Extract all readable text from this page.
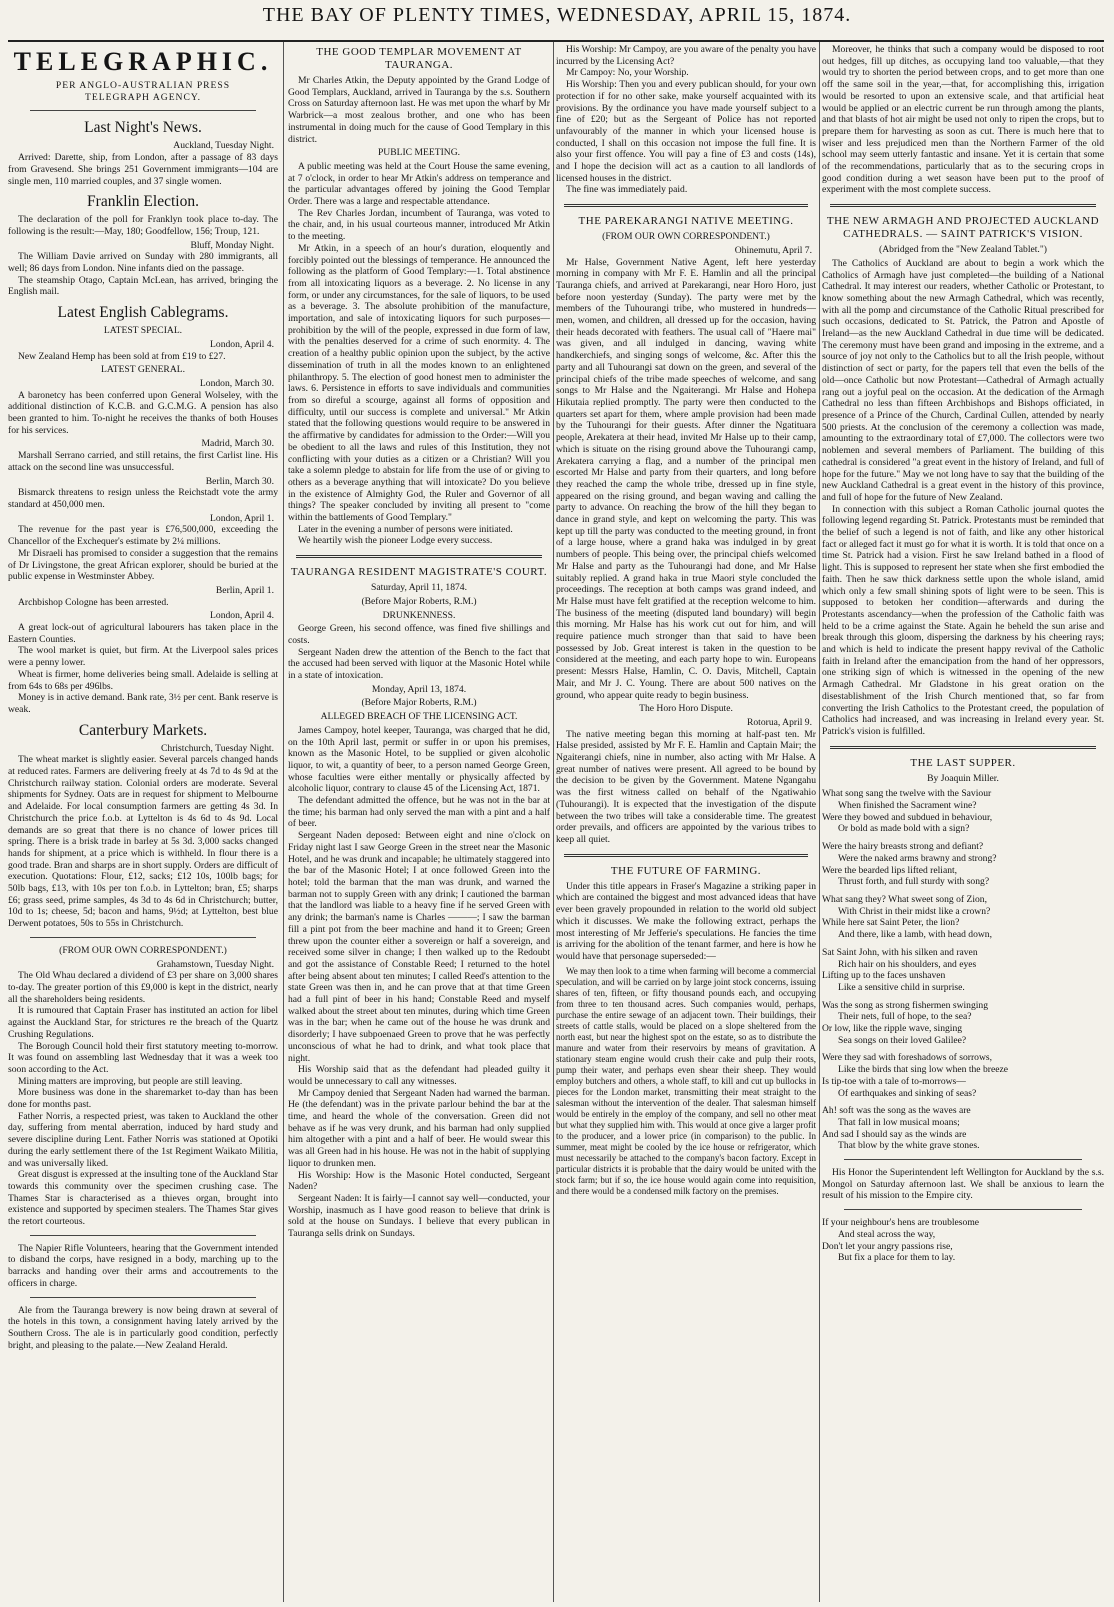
THE BAY OF PLENTY TIMES, WEDNESDAY, APRIL 15, 1874.
TELEGRAPHIC.
PER ANGLO-AUSTRALIAN PRESS TELEGRAPH AGENCY.
Last Night's News.
Auckland, Tuesday Night.

Arrived: Darette, ship, from London, after a passage of 83 days from Gravesend. She brings 251 Government immigrants—104 are single men, 110 married couples, and 37 single women.

Franklin Election.

The declaration of the poll for Franklyn took place to-day. The following is the result:—May, 180; Goodfellow, 156; Troup, 121.

Bluff, Monday Night.

The William Davie arrived on Sunday with 280 immigrants, all well; 86 days from London. Nine infants died on the passage.

The steamship Otago, Captain McLean, has arrived, bringing the English mail.

Latest English Cablegrams.
LATEST SPECIAL.
London, April 4.

New Zealand Hemp has been sold at from £19 to £27.

LATEST GENERAL.
London, March 30.

A baronetcy has been conferred upon General Wolseley, with the additional distinction of K.C.B. and G.C.M.G. A pension has also been granted to him. To-night he receives the thanks of both Houses for his services.

Madrid, March 30.

Marshall Serrano carried, and still retains, the first Carlist line. His attack on the second line was unsuccessful.

Berlin, March 30.

Bismarck threatens to resign unless the Reichstadt vote the army standard at 450,000 men.

London, April 1.

The revenue for the past year is £76,500,000, exceeding the Chancellor of the Exchequer's estimate by 2¼ millions.

Mr Disraeli has promised to consider a suggestion that the remains of Dr Livingstone, the great African explorer, should be buried at the public expense in Westminster Abbey.

Berlin, April 1.

Archbishop Cologne has been arrested.

London, April 4.

A great lock-out of agricultural labourers has taken place in the Eastern Counties.

The wool market is quiet, but firm. At the Liverpool sales prices were a penny lower.

Wheat is firmer, home deliveries being small. Adelaide is selling at from 64s to 68s per 496lbs.

Money is in active demand. Bank rate, 3½ per cent. Bank reserve is weak.

Canterbury Markets.
Christchurch, Tuesday Night.

The wheat market is slightly easier. Several parcels changed hands at reduced rates. Farmers are delivering freely at 4s 7d to 4s 9d at the Christchurch railway station. Colonial orders are moderate. Several shipments for Sydney. Oats are in request for shipment to Melbourne and Adelaide. For local consumption farmers are getting 4s 3d. In Christchurch the price f.o.b. at Lyttelton is 4s 6d to 4s 9d. Local demands are so great that there is no chance of lower prices till spring. There is a brisk trade in barley at 5s 3d. 3,000 sacks changed hands for shipment, at a price which is withheld. In flour there is a good trade. Bran and sharps are in short supply. Orders are difficult of execution. Quotations: Flour, £12, sacks; £12 10s, 100lb bags; for 50lb bags, £13, with 10s per ton f.o.b. in Lyttelton; bran, £5; sharps £6; grass seed, prime samples, 4s 3d to 4s 6d in Christchurch; butter, 10d to 1s; cheese, 5d; bacon and hams, 9½d; at Lyttelton, best blue Derwent potatoes, 50s to 55s in Christchurch.

(FROM OUR OWN CORRESPONDENT.)
Grahamstown, Tuesday Night.

The Old Whau declared a dividend of £3 per share on 3,000 shares to-day. The greater portion of this £9,000 is kept in the district, nearly all the shareholders being residents.

It is rumoured that Captain Fraser has instituted an action for libel against the Auckland Star, for strictures re the breach of the Quartz Crushing Regulations.

The Borough Council hold their first statutory meeting to-morrow. It was found on assembling last Wednesday that it was a week too soon according to the Act.

Mining matters are improving, but people are still leaving.

More business was done in the sharemarket to-day than has been done for months past.

Father Norris, a respected priest, was taken to Auckland the other day, suffering from mental aberration, induced by hard study and severe discipline during Lent. Father Norris was stationed at Opotiki during the early settlement there of the 1st Regiment Waikato Militia, and was universally liked.

Great disgust is expressed at the insulting tone of the Auckland Star towards this community over the specimen crushing case. The Thames Star is characterised as a thieves organ, brought into existence and supported by specimen stealers. The Thames Star gives the retort courteous.

The Napier Rifle Volunteers, hearing that the Government intended to disband the corps, have resigned in a body, marching up to the barracks and handing over their arms and accoutrements to the officers in charge.

Ale from the Tauranga brewery is now being drawn at several of the hotels in this town, a consignment having lately arrived by the Southern Cross. The ale is in particularly good condition, perfectly bright, and pleasing to the palate.—New Zealand Herald.

THE GOOD TEMPLAR MOVEMENT AT TAURANGA.

Mr Charles Atkin, the Deputy appointed by the Grand Lodge of Good Templars, Auckland, arrived in Tauranga by the s.s. Southern Cross on Saturday afternoon last. He was met upon the wharf by Mr Warbrick—a most zealous brother, and one who has been instrumental in doing much for the cause of Good Templary in this district.

PUBLIC MEETING.

A public meeting was held at the Court House the same evening, at 7 o'clock, in order to hear Mr Atkin's address on temperance and the particular advantages offered by joining the Good Templar Order. There was a large and respectable attendance.

The Rev Charles Jordan, incumbent of Tauranga, was voted to the chair, and, in his usual courteous manner, introduced Mr Atkin to the meeting.

Mr Atkin, in a speech of an hour's duration, eloquently and forcibly pointed out the blessings of temperance. He announced the following as the platform of Good Templary:—1. Total abstinence from all intoxicating liquors as a beverage. 2. No license in any form, or under any circumstances, for the sale of liquors, to be used as a beverage. 3. The absolute prohibition of the manufacture, importation, and sale of intoxicating liquors for such purposes—prohibition by the will of the people, expressed in due form of law, with the penalties deserved for a crime of such enormity. 4. The creation of a healthy public opinion upon the subject, by the active dissemination of truth in all the modes known to an enlightened philanthropy. 5. The election of good honest men to administer the laws. 6. Persistence in efforts to save individuals and communities from so direful a scourge, against all forms of opposition and difficulty, until our success is complete and universal." Mr Atkin stated that the following questions would require to be answered in the affirmative by candidates for admission to the Order:—Will you be obedient to all the laws and rules of this Institution, they not conflicting with your duties as a citizen or a Christian? Will you take a solemn pledge to abstain for life from the use of or giving to others as a beverage anything that will intoxicate? Do you believe in the existence of Almighty God, the Ruler and Governor of all things? The speaker concluded by inviting all present to "come within the battlements of Good Templary."

Later in the evening a number of persons were initiated.

We heartily wish the pioneer Lodge every success.

TAURANGA RESIDENT MAGISTRATE'S COURT.
Saturday, April 11, 1874.
(Before Major Roberts, R.M.)
DRUNKENNESS.

George Green, his second offence, was fined five shillings and costs.

Sergeant Naden drew the attention of the Bench to the fact that the accused had been served with liquor at the Masonic Hotel while in a state of intoxication.

Monday, April 13, 1874.
(Before Major Roberts, R.M.)
ALLEGED BREACH OF THE LICENSING ACT.

James Campoy, hotel keeper, Tauranga, was charged that he did, on the 10th April last, permit or suffer in or upon his premises, known as the Masonic Hotel, to be supplied or given alcoholic liquor, to wit, a quantity of beer, to a person named George Green, whose faculties were either mentally or physically affected by alcoholic liquor, contrary to clause 45 of the Licensing Act, 1871.

The defendant admitted the offence, but he was not in the bar at the time; his barman had only served the man with a pint and a half of beer.

Sergeant Naden deposed: Between eight and nine o'clock on Friday night last I saw George Green in the street near the Masonic Hotel, and he was drunk and incapable; he ultimately staggered into the bar of the Masonic Hotel; I at once followed Green into the hotel; told the barman that the man was drunk, and warned the barman not to supply Green with any drink; I cautioned the barman that the landlord was liable to a heavy fine if he served Green with any drink; the barman's name is Charles ———; I saw the barman fill a pint pot from the beer machine and hand it to Green; Green threw upon the counter either a sovereign or half a sovereign, and received some silver in change; I then walked up to the Redoubt and got the assistance of Constable Reed; I returned to the hotel after being absent about ten minutes; I called Reed's attention to the state Green was then in, and he can prove that at that time Green had a full pint of beer in his hand; Constable Reed and myself walked about the street about ten minutes, during which time Green was in the bar; when he came out of the house he was drunk and disorderly; I have subpoenaed Green to prove that he was perfectly unconscious of what he had to drink, and what took place that night.

His Worship said that as the defendant had pleaded guilty it would be unnecessary to call any witnesses.

Mr Campoy denied that Sergeant Naden had warned the barman. He (the defendant) was in the private parlour behind the bar at the time, and heard the whole of the conversation. Green did not behave as if he was very drunk, and his barman had only supplied him altogether with a pint and a half of beer. He would swear this was all Green had in his house. He was not in the habit of supplying liquor to drunken men.

His Worship: How is the Masonic Hotel conducted, Sergeant Naden?

Sergeant Naden: It is fairly—I cannot say well—conducted, your Worship, inasmuch as I have good reason to believe that drink is sold at the house on Sundays. I believe that every publican in Tauranga sells drink on Sundays.

His Worship: Mr Campoy, are you aware of the penalty you have incurred by the Licensing Act?

Mr Campoy: No, your Worship.

His Worship: Then you and every publican should, for your own protection if for no other sake, make yourself acquainted with its provisions. By the ordinance you have made yourself subject to a fine of £20; but as the Sergeant of Police has not reported unfavourably of the manner in which your licensed house is conducted, I shall on this occasion not impose the full fine. It is also your first offence. You will pay a fine of £3 and costs (14s), and I hope the decision will act as a caution to all landlords of licensed houses in the district.

The fine was immediately paid.

THE PAREKARANGI NATIVE MEETING.
(FROM OUR OWN CORRESPONDENT.)
Ohinemutu, April 7.

Mr Halse, Government Native Agent, left here yesterday morning in company with Mr F. E. Hamlin and all the principal Tauranga chiefs, and arrived at Parekarangi, near Horo Horo, just before noon yesterday (Sunday). The party were met by the members of the Tuhourangi tribe, who mustered in hundreds—men, women, and children, all dressed up for the occasion, having their heads decorated with feathers. The usual call of "Haere mai" was given, and all indulged in dancing, waving white handkerchiefs, and singing songs of welcome, &c. After this the party and all Tuhourangi sat down on the green, and several of the principal chiefs of the tribe made speeches of welcome, and sang songs to Mr Halse and the Ngaiterangi. Mr Halse and Hohepa Hikutaia replied promptly. The party were then conducted to the quarters set apart for them, where ample provision had been made by the Tuhourangi for their guests. After dinner the Ngatituara people, Arekatera at their head, invited Mr Halse up to their camp, which is situate on the rising ground above the Tuhourangi camp, Arekatera carrying a flag, and a number of the principal men escorted Mr Halse and party from their quarters, and long before they reached the camp the whole tribe, dressed up in fine style, appeared on the rising ground, and began waving and calling the party to advance. On reaching the brow of the hill they began to dance in grand style, and kept on welcoming the party. This was kept up till the party was conducted to the meeting ground, in front of a large house, where a grand haka was indulged in by great numbers of people. This being over, the principal chiefs welcomed Mr Halse and party as the Tuhourangi had done, and Mr Halse suitably replied. A grand haka in true Maori style concluded the proceedings. The reception at both camps was grand indeed, and Mr Halse must have felt gratified at the reception welcome to him. The business of the meeting (disputed land boundary) will begin this morning. Mr Halse has his work cut out for him, and will require patience much stronger than that said to have been possessed by Job. Great interest is taken in the question to be considered at the meeting, and each party hope to win. Europeans present: Messrs Halse, Hamlin, C. O. Davis, Mitchell, Captain Mair, and Mr J. C. Young. There are about 500 natives on the ground, who appear quite ready to begin business.

The Horo Horo Dispute.
Rotorua, April 9.

The native meeting began this morning at half-past ten. Mr Halse presided, assisted by Mr F. E. Hamlin and Captain Mair; the Ngaiterangi chiefs, nine in number, also acting with Mr Halse. A great number of natives were present. All agreed to be bound by the decision to be given by the Government. Matene Ngangahu was the first witness called on behalf of the Ngatiwahio (Tuhourangi). It is expected that the investigation of the dispute between the two tribes will take a considerable time. The greatest order prevails, and officers are appointed by the various tribes to keep all quiet.

THE FUTURE OF FARMING.

Under this title appears in Fraser's Magazine a striking paper in which are contained the biggest and most advanced ideas that have ever been gravely propounded in relation to the world old subject which it discusses. We make the following extract, perhaps the most interesting of Mr Jefferie's speculations. He fancies the time is arriving for the abolition of the tenant farmer, and here is how he would have that personage superseded:—

We may then look to a time when farming will become a commercial speculation, and will be carried on by large joint stock concerns, issuing shares of ten, fifteen, or fifty thousand pounds each, and occupying from three to ten thousand acres. Such companies would, perhaps, purchase the entire sewage of an adjacent town. Their buildings, their streets of cattle stalls, would be placed on a slope sheltered from the north east, but near the highest spot on the estate, so as to distribute the manure and water from their reservoirs by means of gravitation. A stationary steam engine would crush their cake and pulp their roots, pump their water, and perhaps even shear their sheep. They would employ butchers and others, a whole staff, to kill and cut up bullocks in pieces for the London market, transmitting their meat straight to the salesman without the intervention of the dealer. That salesman himself would be entirely in the employ of the company, and sell no other meat but what they supplied him with. This would at once give a larger profit to the producer, and a lower price (in comparison) to the public. In summer, meat might be cooled by the ice house or refrigerator, which must necessarily be attached to the company's bacon factory. Except in particular districts it is probable that the dairy would be united with the stock farm; but if so, the ice house would again come into requisition, and there would be a condensed milk factory on the premises.

Moreover, he thinks that such a company would be disposed to root out hedges, fill up ditches, as occupying land too valuable,—that they would try to shorten the period between crops, and to get more than one off the same soil in the year,—that, for accomplishing this, irrigation would be resorted to upon an extensive scale, and that artificial heat would be applied or an electric current be run through among the plants, and that blasts of hot air might be used not only to ripen the crops, but to prepare them for harvesting as soon as cut. There is much here that to wiser and less prejudiced men than the Northern Farmer of the old school may seem utterly fantastic and insane. Yet it is certain that some of the recommendations, particularly that as to the securing crops in good condition during a wet season have been put to the proof of experiment with the most complete success.

THE NEW ARMAGH AND PROJECTED AUCKLAND CATHEDRALS. — SAINT PATRICK'S VISION.
(Abridged from the "New Zealand Tablet.")

The Catholics of Auckland are about to begin a work which the Catholics of Armagh have just completed—the building of a National Cathedral. It may interest our readers, whether Catholic or Protestant, to know something about the new Armagh Cathedral, which was recently, with all the pomp and circumstance of the Catholic Ritual prescribed for such occasions, dedicated to St. Patrick, the Patron and Apostle of Ireland—as the new Auckland Cathedral in due time will be dedicated. The ceremony must have been grand and imposing in the extreme, and a source of joy not only to the Catholics but to all the Irish people, without distinction of sect or party, for the papers tell that even the bells of the old—once Catholic but now Protestant—Cathedral of Armagh actually rang out a joyful peal on the occasion. At the dedication of the Armagh Cathedral no less than fifteen Archbishops and Bishops officiated, in presence of a Prince of the Church, Cardinal Cullen, attended by nearly 500 priests. At the conclusion of the ceremony a collection was made, amounting to the extraordinary total of £7,000. The collectors were two noblemen and several members of Parliament. The building of this cathedral is considered "a great event in the history of Ireland, and full of hope for the future." May we not long have to say that the building of the new Auckland Cathedral is a great event in the history of this province, and full of hope for the future of New Zealand.

In connection with this subject a Roman Catholic journal quotes the following legend regarding St. Patrick. Protestants must be reminded that the belief of such a legend is not of faith, and like any other historical fact or alleged fact it must go for what it is worth. It is told that once on a time St. Patrick had a vision. First he saw Ireland bathed in a flood of light. This is supposed to represent her state when she first embodied the faith. Then he saw thick darkness settle upon the whole island, amid which only a few small shining spots of light were to be seen. This is supposed to betoken her condition—afterwards and during the Protestants ascendancy—when the profession of the Catholic faith was held to be a crime against the State. Again he beheld the sun arise and break through this gloom, dispersing the darkness by his cheering rays; and which is held to indicate the present happy revival of the Catholic faith in Ireland after the emancipation from the hand of her oppressors, one striking sign of which is witnessed in the opening of the new Armagh Cathedral. Mr Gladstone in his great oration on the disestablishment of the Irish Church mentioned that, so far from converting the Irish Catholics to the Protestant creed, the population of Catholics had increased, and was increasing in Ireland every year. St. Patrick's vision is fulfilled.

THE LAST SUPPER.
By Joaquin Miller.

What song sang the twelve with the Saviour

When finished the Sacrament wine?

Were they bowed and subdued in behaviour,

Or bold as made bold with a sign?

Were the hairy breasts strong and defiant?

Were the naked arms brawny and strong?

Were the bearded lips lifted reliant,

Thrust forth, and full sturdy with song?

What sang they? What sweet song of Zion,

With Christ in their midst like a crown?

While here sat Saint Peter, the lion?

And there, like a lamb, with head down,

Sat Saint John, with his silken and raven

Rich hair on his shoulders, and eyes

Lifting up to the faces unshaven

Like a sensitive child in surprise.

Was the song as strong fishermen swinging

Their nets, full of hope, to the sea?

Or low, like the ripple wave, singing

Sea songs on their loved Galilee?

Were they sad with foreshadows of sorrows,

Like the birds that sing low when the breeze

Is tip-toe with a tale of to-morrows—

Of earthquakes and sinking of seas?

Ah! soft was the song as the waves are

That fall in low musical moans;

And sad I should say as the winds are

That blow by the white grave stones.

His Honor the Superintendent left Wellington for Auckland by the s.s. Mongol on Saturday afternoon last. We shall be anxious to learn the result of his mission to the Empire city.

If your neighbour's hens are troublesome

And steal across the way,

Don't let your angry passions rise,

But fix a place for them to lay.
